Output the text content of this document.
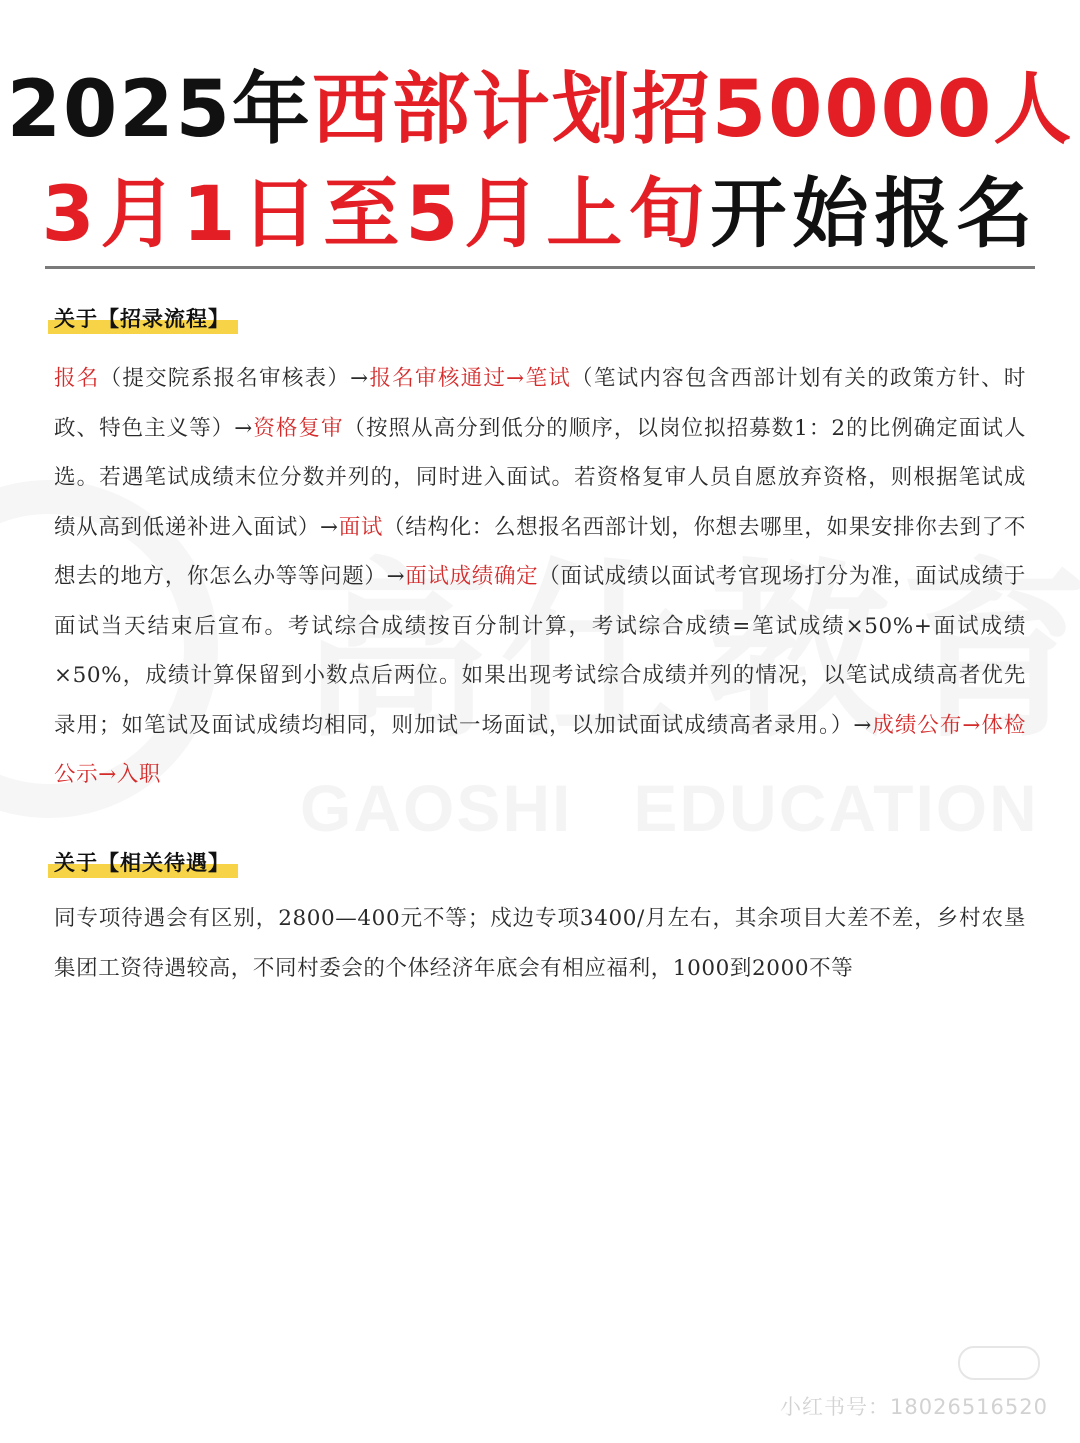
2025年西部计划招50000人
3月1日至5月上旬开始报名
关于【招录流程】
报名（提交院系报名审核表）→报名审核通过→笔试（笔试内容包含西部计划有关的政策方针、时政、特色主义等）→资格复审（按照从高分到低分的顺序，以岗位拟招募数1：2的比例确定面试人选。若遇笔试成绩末位分数并列的，同时进入面试。若资格复审人员自愿放弃资格，则根据笔试成绩从高到低递补进入面试）→面试（结构化：么想报名西部计划，你想去哪里，如果安排你去到了不想去的地方，你怎么办等等问题）→面试成绩确定（面试成绩以面试考官现场打分为准，面试成绩于面试当天结束后宣布。考试综合成绩按百分制计算，考试综合成绩=笔试成绩×50%+面试成绩×50%，成绩计算保留到小数点后两位。如果出现考试综合成绩并列的情况，以笔试成绩高者优先录用；如笔试及面试成绩均相同，则加试一场面试，以加试面试成绩高者录用。）→成绩公布→体检公示→入职
关于【相关待遇】
同专项待遇会有区别，2800—400元不等；戍边专项3400/月左右，其余项目大差不差，乡村农垦集团工资待遇较高，不同村委会的个体经济年底会有相应福利，1000到2000不等
小红书号：18026516520
